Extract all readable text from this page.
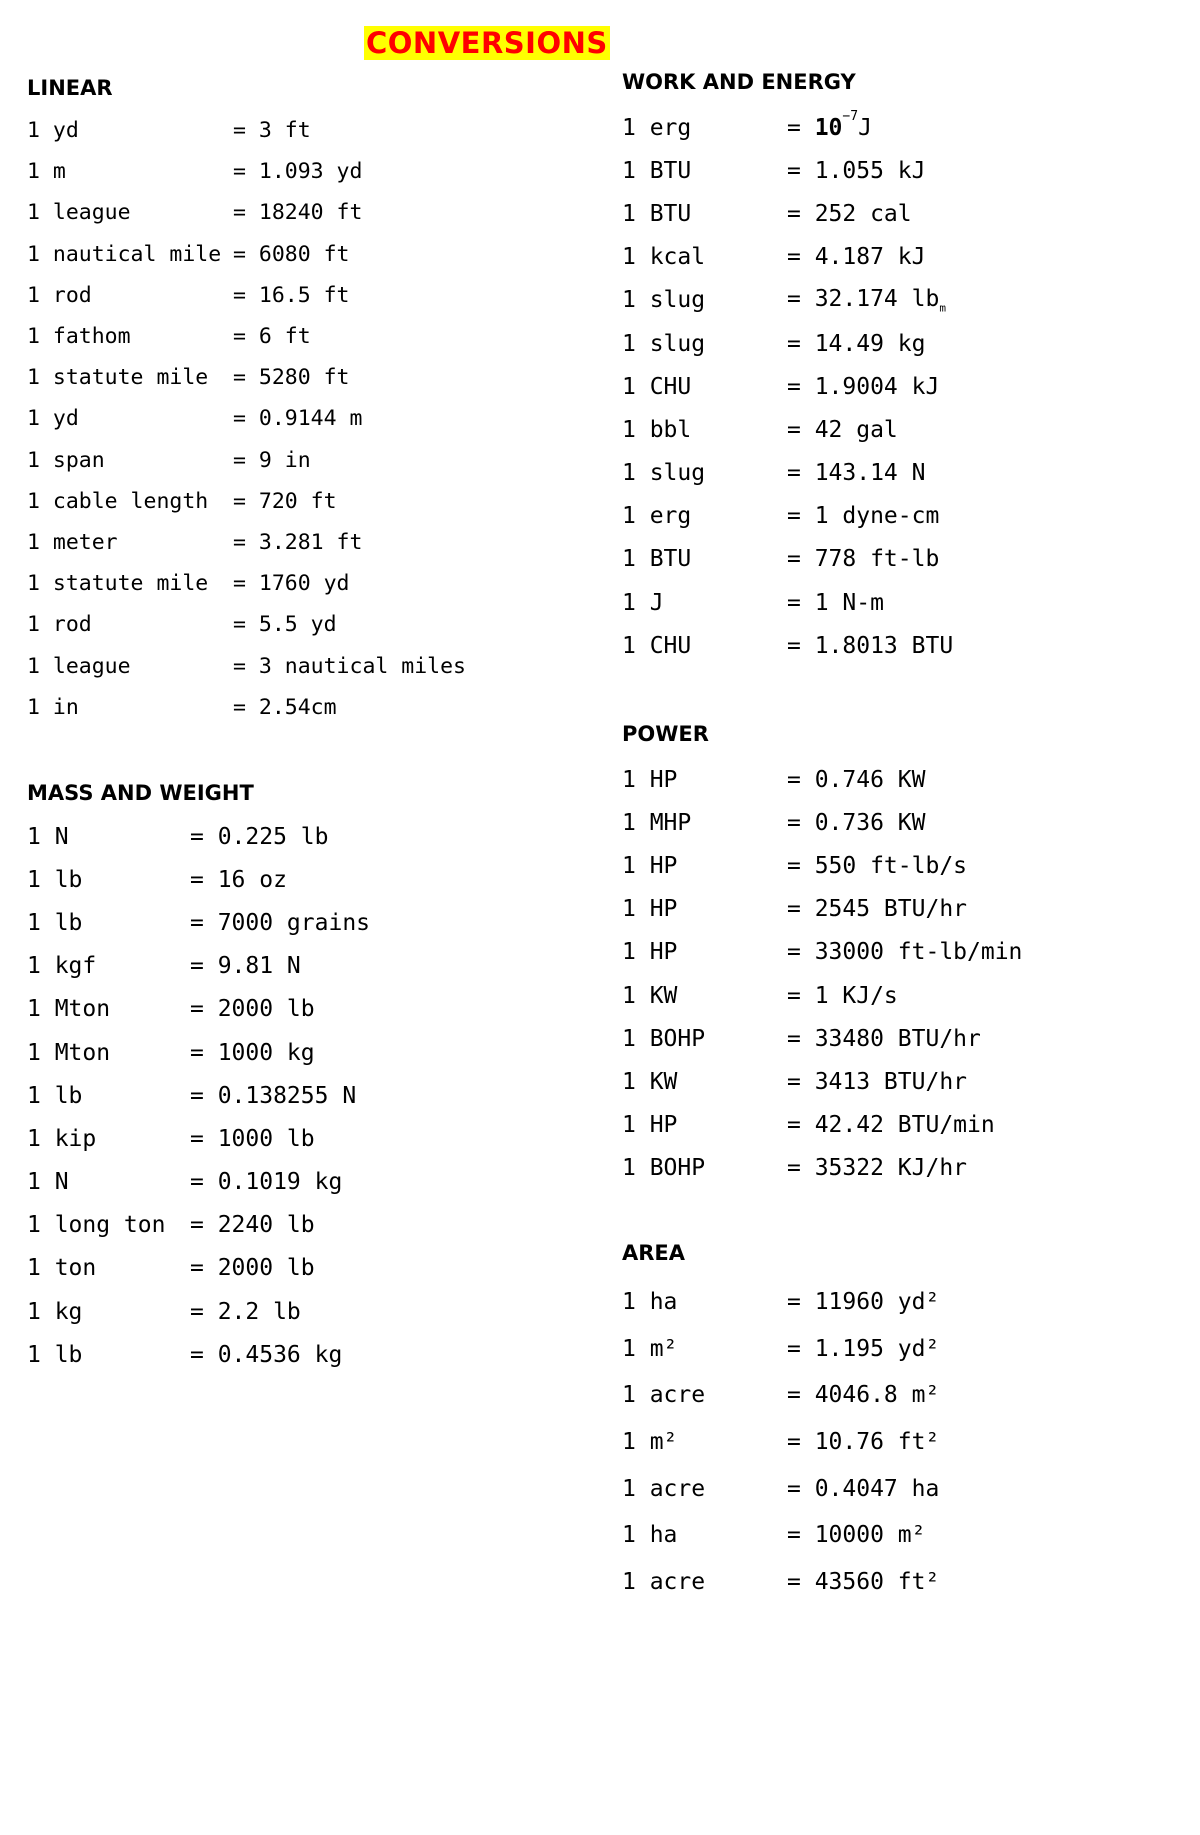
CONVERSIONS
LINEAR
1 yd	= 3 ft
1 m	= 1.093 yd
1 league	= 18240 ft
1 nautical mile = 6080 ft
1 rod	= 16.5 ft
1 fathom	= 6 ft
1 statute mile	= 5280 ft
1 yd	= 0.9144 m
1 span	= 9 in
1 cable length	= 720 ft
1 meter	= 3.281 ft
1 statute mile	= 1760 yd
1 rod	= 5.5 yd
1 league	= 3 nautical miles
1 in	= 2.54cm
MASS AND WEIGHT
1 N	= 0.225 lb
1 lb	= 16 oz
1 lb	= 7000 grains
1 kgf	= 9.81 N
1 Mton	= 2000 lb
1 Mton	= 1000 kg
1 lb	= 0.138255 N
1 kip	= 1000 lb
1 N	= 0.1019 kg
1 long ton	= 2240 lb
1 ton	= 2000 lb
1 kg	= 2.2 lb
1 lb	= 0.4536 kg
WORK AND ENERGY
1 erg	= $10^{-7}J$
1 BTU	= 1.055 kJ
1 BTU	= 252 cal
1 kcal	= 4.187 kJ
1 slug	= 32.174 $lb_m$
1 slug	= 14.49 kg
1 CHU	= 1.9004 kJ
1 bbl	= 42 gal
1 slug	= 143.14 N
1 erg	= 1 dyne-cm
1 BTU	= 778 ft-lb
1 J	= 1 N-m
1 CHU	= 1.8013 BTU
POWER
1 HP	= 0.746 KW
1 MHP	= 0.736 KW
1 HP	= 550 ft-lb/s
1 HP	= 2545 BTU/hr
1 HP	= 33000 ft-lb/min
1 KW	= 1 KJ/s
1 BOHP	= 33480 BTU/hr
1 KW	= 3413 BTU/hr
1 HP	= 42.42 BTU/min
1 BOHP	= 35322 KJ/hr
AREA
1 ha	= 11960 yd²
1 m²	= 1.195 yd²
1 acre	= 4046.8 m²
1 m²	= 10.76 ft²
1 acre	= 0.4047 ha
1 ha	= 10000 m²
1 acre	= 43560 ft²
